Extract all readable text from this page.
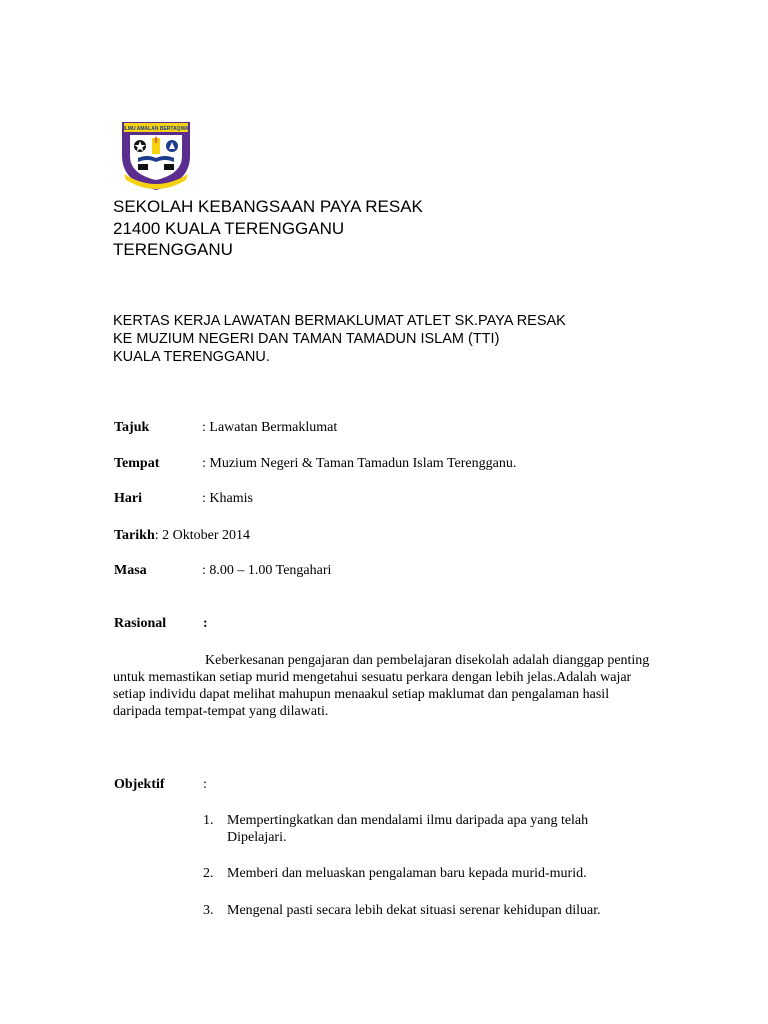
ILMU AMALAN BERTAQWA
SEKOLAH KEBANGSAAN PAYA RESAK
21400 KUALA TERENGGANU
TERENGGANU
KERTAS KERJA LAWATAN BERMAKLUMAT ATLET SK.PAYA RESAK
KE MUZIUM NEGERI DAN TAMAN TAMADUN ISLAM (TTI)
KUALA TERENGGANU.
Tajuk	: Lawatan Bermaklumat
Tempat	: Muzium Negeri & Taman Tamadun Islam Terengganu.
Hari	: Khamis
Tarikh: 2 Oktober 2014
Masa	: 8.00 – 1.00 Tengahari
Rasional	:
Keberkesanan pengajaran dan pembelajaran disekolah adalah dianggap penting
untuk memastikan setiap murid mengetahui sesuatu perkara dengan lebih jelas.Adalah wajar
setiap individu dapat melihat mahupun menaakul setiap maklumat dan pengalaman hasil
daripada tempat-tempat yang dilawati.
Objektif	:
1. Mempertingkatkan dan mendalami ilmu daripada apa yang telah
Dipelajari.
2. Memberi dan meluaskan pengalaman baru kepada murid-murid.
3. Mengenal pasti secara lebih dekat situasi serenar kehidupan diluar.
